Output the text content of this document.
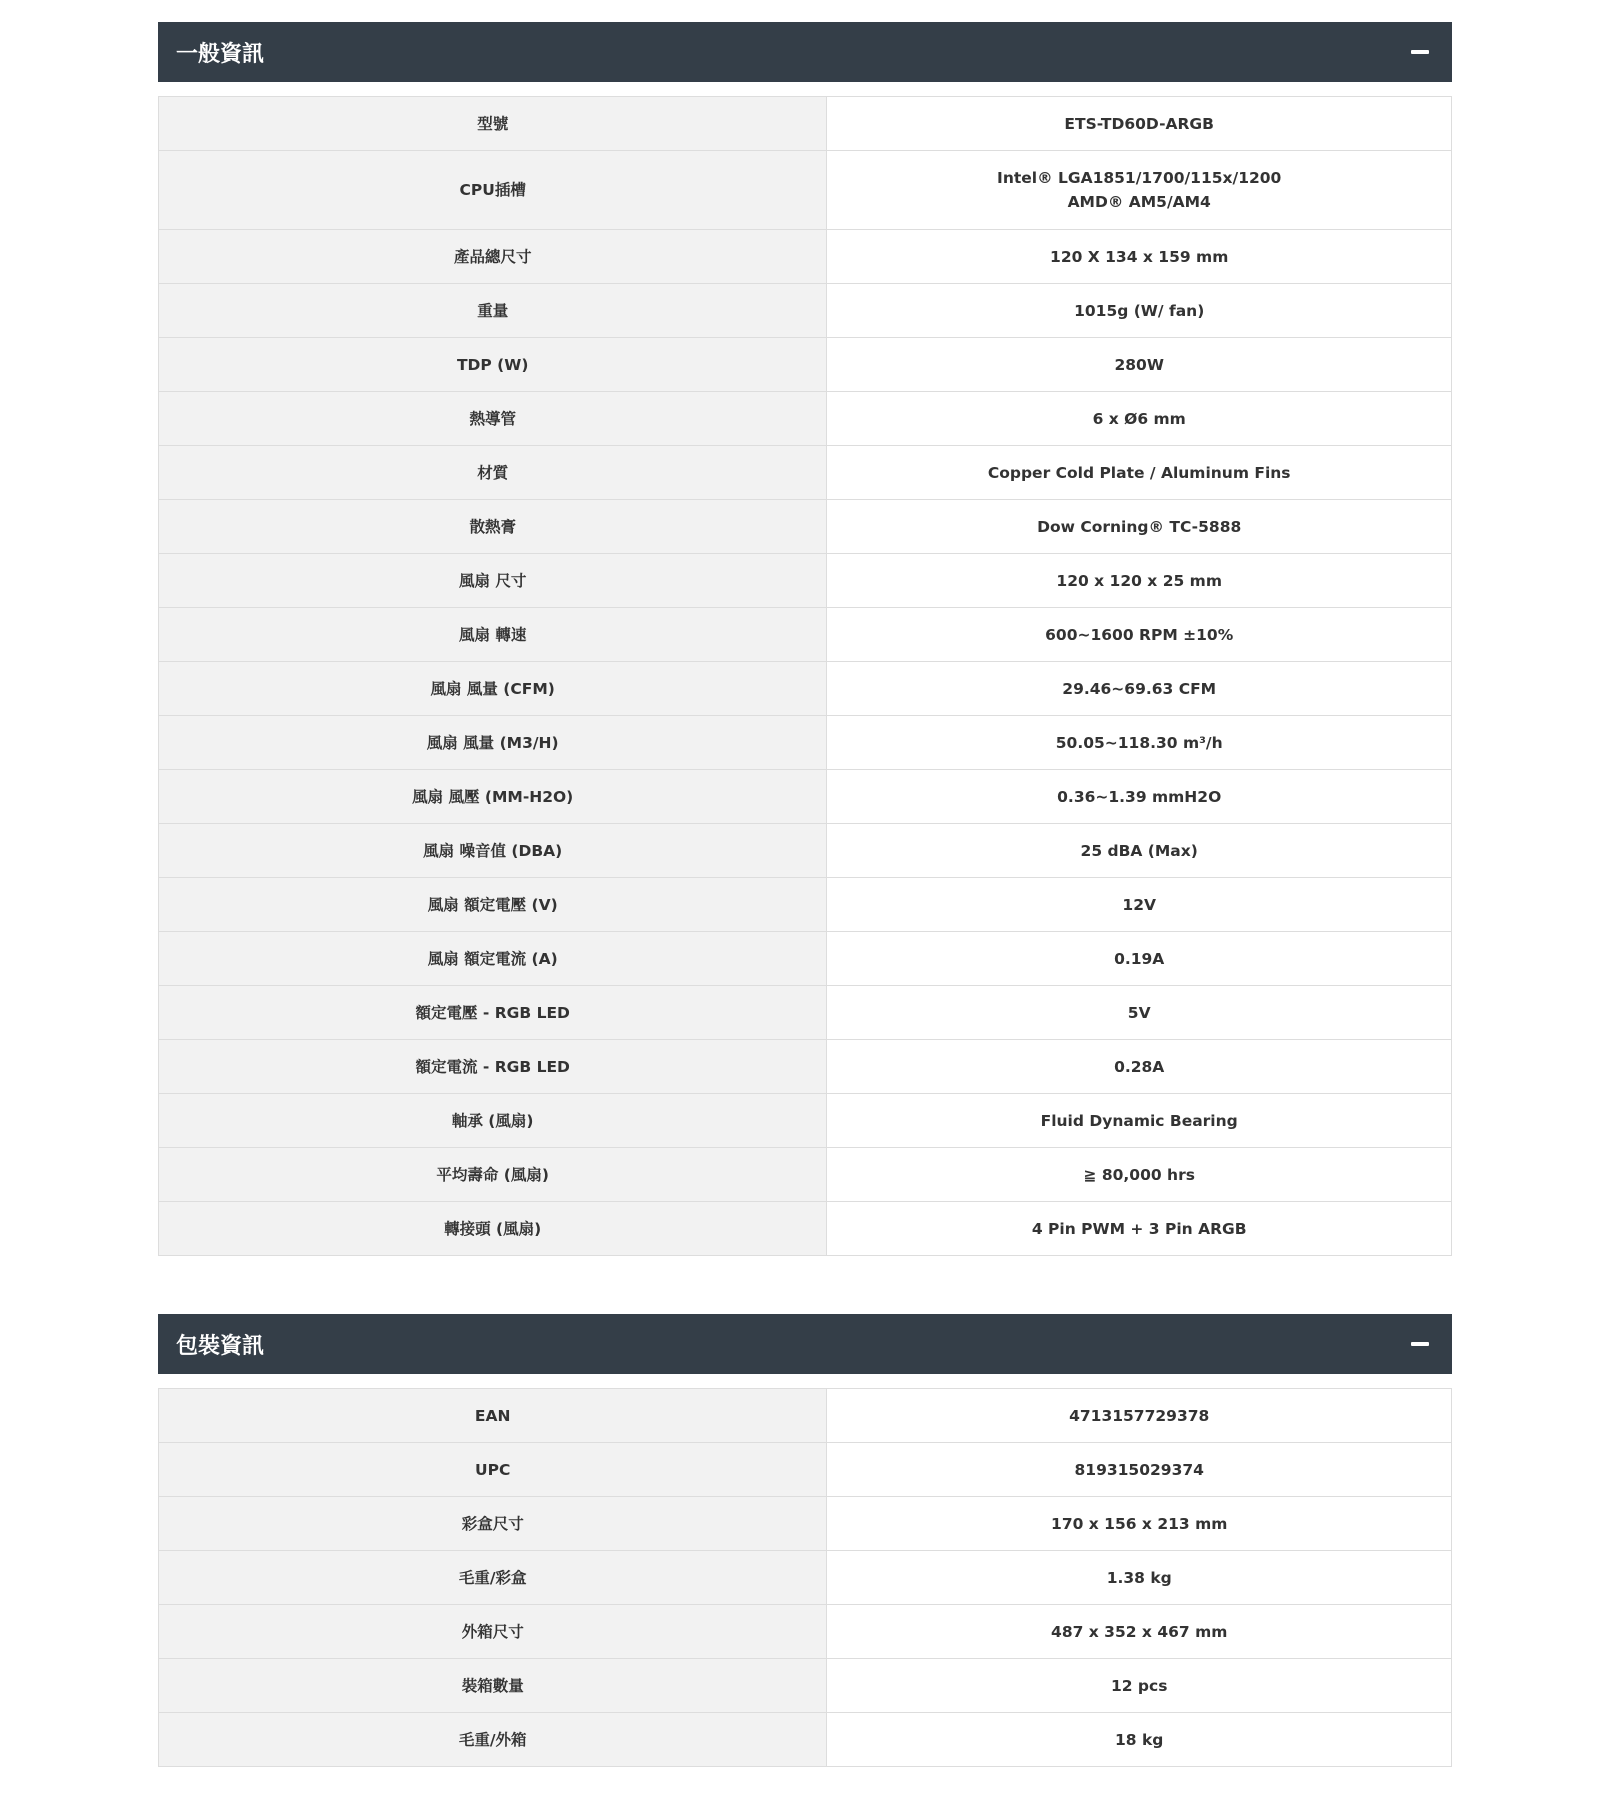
一般資訊
型號	ETS-TD60D-ARGB

CPU插槽	Intel® LGA1851/1700/115x/1200
AMD® AM5/AM4

產品總尺寸	120 X 134 x 159 mm

重量	1015g (W/ fan)

TDP (W)	280W

熱導管	6 x Ø6 mm

材質	Copper Cold Plate / Aluminum Fins

散熱膏	Dow Corning® TC-5888

風扇 尺寸	120 x 120 x 25 mm

風扇 轉速	600~1600 RPM ±10%

風扇 風量 (CFM)	29.46~69.63 CFM

風扇 風量 (M3/H)	50.05~118.30 m³/h

風扇 風壓 (MM-H2O)	0.36~1.39 mmH2O

風扇 噪音值 (DBA)	25 dBA (Max)

風扇 額定電壓 (V)	12V

風扇 額定電流 (A)	0.19A

額定電壓 - RGB LED	5V

額定電流 - RGB LED	0.28A

軸承 (風扇)	Fluid Dynamic Bearing

平均壽命 (風扇)	≧ 80,000 hrs

轉接頭 (風扇)	4 Pin PWM + 3 Pin ARGB
包裝資訊
EAN	4713157729378

UPC	819315029374

彩盒尺寸	170 x 156 x 213 mm

毛重/彩盒	1.38 kg

外箱尺寸	487 x 352 x 467 mm

裝箱數量	12 pcs

毛重/外箱	18 kg
